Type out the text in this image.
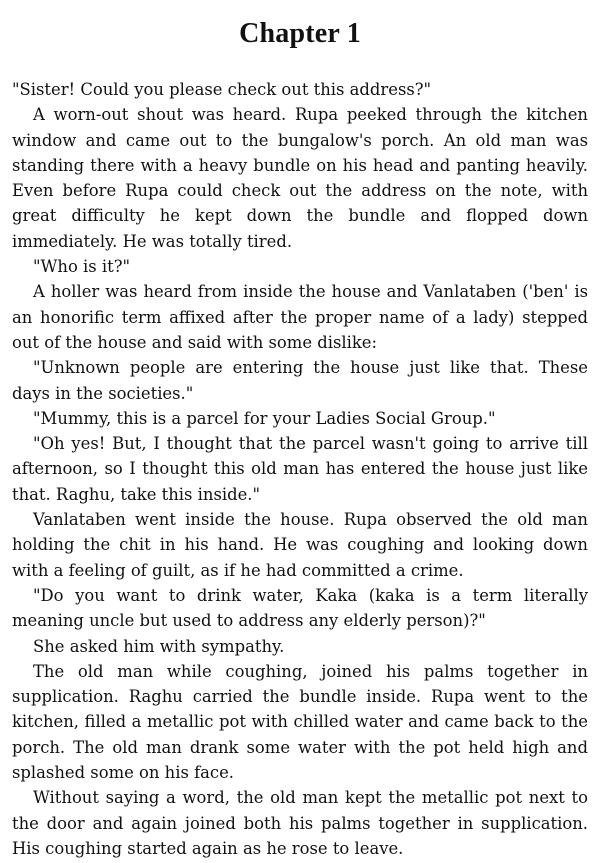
Chapter 1

"Sister! Could you please check out this address?"

A worn-out shout was heard. Rupa peeked through the kitchen window and came out to the bungalow's porch. An old man was standing there with a heavy bundle on his head and panting heavily. Even before Rupa could check out the address on the note, with great difficulty he kept down the bundle and flopped down immediately. He was totally tired.

"Who is it?"

A holler was heard from inside the house and Vanlataben ('ben' is an honorific term affixed after the proper name of a lady) stepped out of the house and said with some dislike:

"Unknown people are entering the house just like that. These days in the societies."

"Mummy, this is a parcel for your Ladies Social Group."

"Oh yes! But, I thought that the parcel wasn't going to arrive till afternoon, so I thought this old man has entered the house just like that. Raghu, take this inside."

Vanlataben went inside the house. Rupa observed the old man holding the chit in his hand. He was coughing and looking down with a feeling of guilt, as if he had committed a crime.

"Do you want to drink water, Kaka (kaka is a term literally meaning uncle but used to address any elderly person)?"

She asked him with sympathy.

The old man while coughing, joined his palms together in supplication. Raghu carried the bundle inside. Rupa went to the kitchen, filled a metallic pot with chilled water and came back to the porch. The old man drank some water with the pot held high and splashed some on his face.

Without saying a word, the old man kept the metallic pot next to the door and again joined both his palms together in supplication. His coughing started again as he rose to leave.
